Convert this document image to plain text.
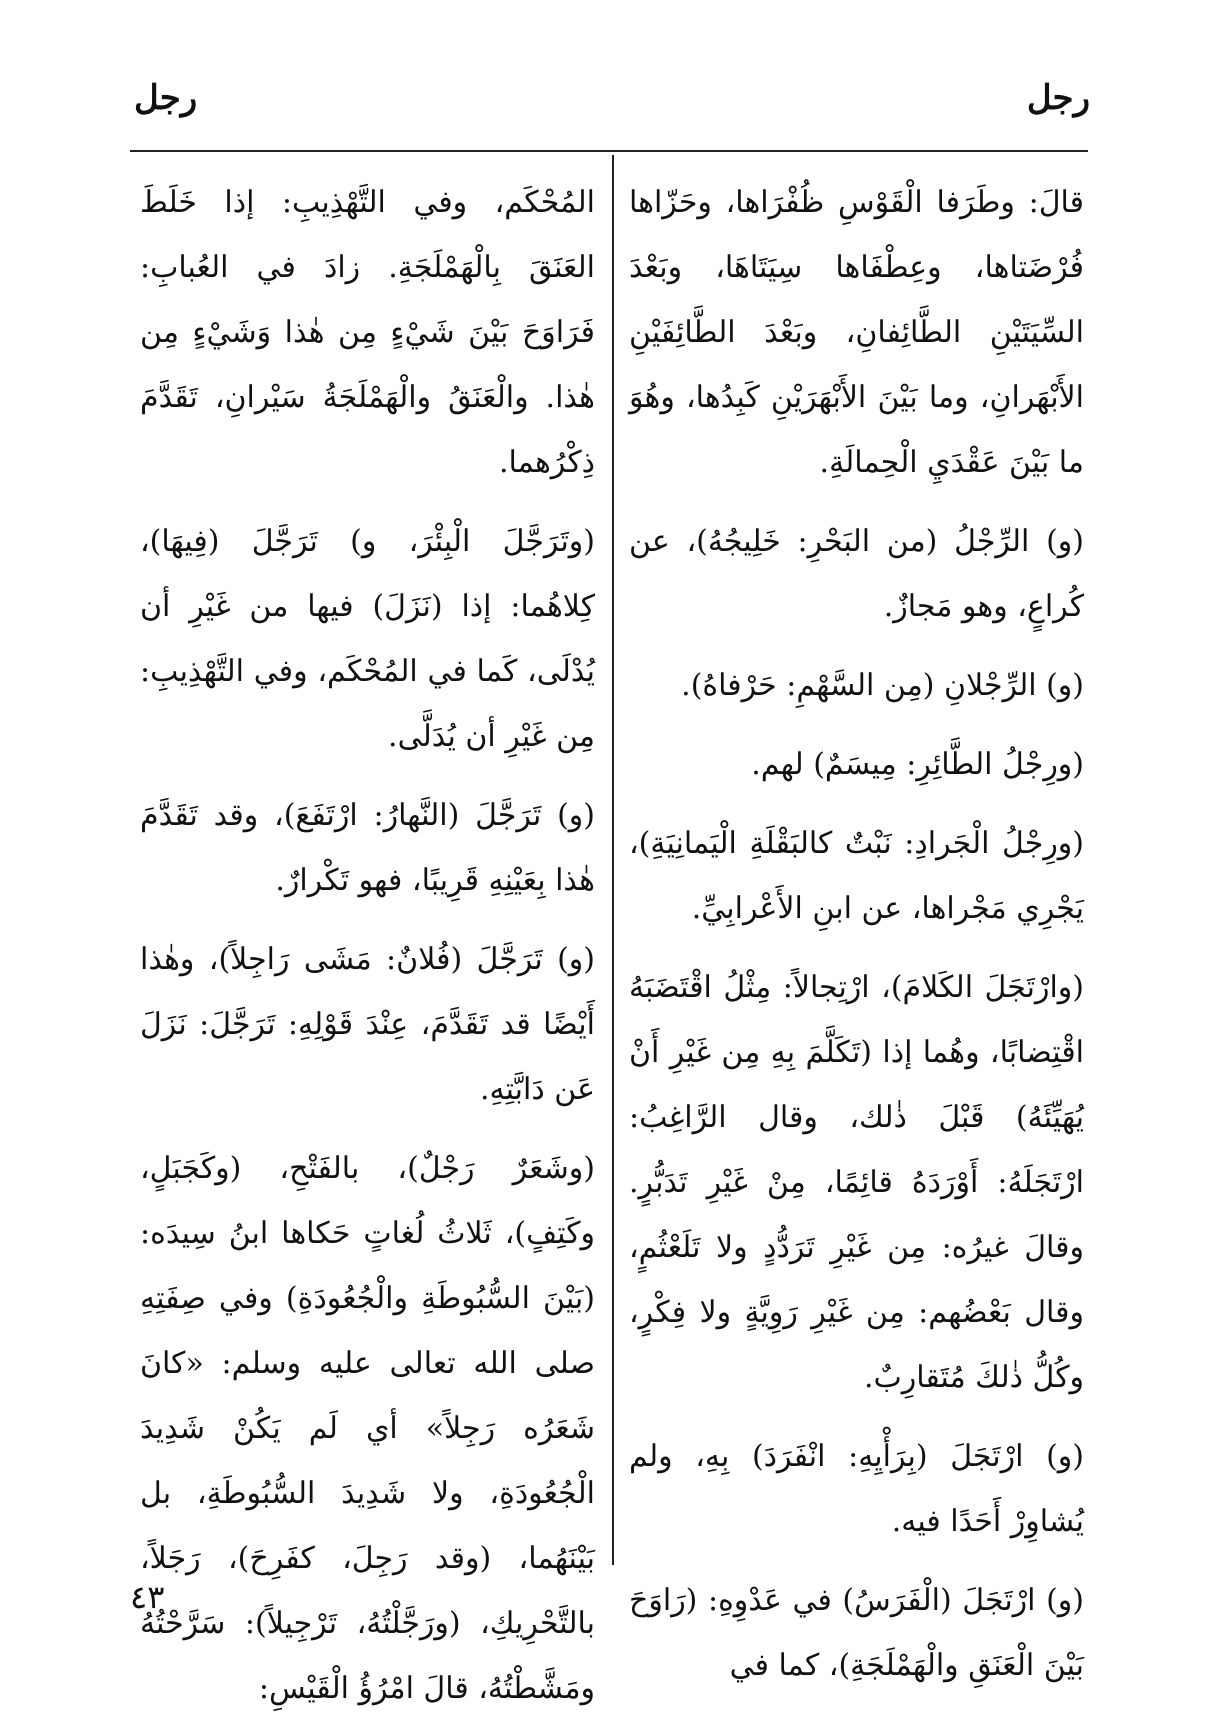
رجل
رجل

قالَ: وطَرَفا الْقَوْسِ ظُفْرَاها، وحَزّاها فُرْضَتاها، وعِطْفَاها سِيَتَاهَا، وبَعْدَ السِّيَتَيْنِ الطَّائِفانِ، وبَعْدَ الطَّائِفَيْنِ الأَبْهَرانِ، وما بَيْنَ الأَبْهَرَيْنِ كَبِدُها، وهُوَ ما بَيْنَ عَقْدَيِ الْحِمالَةِ.

(و) الرِّجْلُ (من البَحْرِ: خَلِيجُهُ)، عن كُراعٍ، وهو مَجازٌ.

(و) الرِّجْلانِ (مِن السَّهْمِ: حَرْفاهُ).

(ورِجْلُ الطَّائِرِ: مِيسَمٌ) لهم.

(ورِجْلُ الْجَرادِ: نَبْتٌ كالبَقْلَةِ الْيَمانِيَةِ)، يَجْرِي مَجْراها، عن ابنِ الأَعْرابِيِّ.

(وارْتَجَلَ الكَلامَ)، ارْتِجالاً: مِثْلُ اقْتَضَبَهُ اقْتِضابًا، وهُما إذا (تَكَلَّمَ بِهِ مِن غَيْرِ أَنْ يُهَيِّئَهُ) قَبْلَ ذٰلك، وقال الرَّاغِبُ: ارْتَجَلَهُ: أَوْرَدَهُ قائِمًا، مِنْ غَيْرِ تَدَبُّرٍ. وقالَ غيرُه: مِن غَيْرِ تَرَدُّدٍ ولا تَلَعْثُمٍ، وقال بَعْضُهم: مِن غَيْرِ رَوِيَّةٍ ولا فِكْرٍ، وكُلُّ ذٰلكَ مُتَقارِبٌ.

(و) ارْتَجَلَ (بِرَأْيِهِ: انْفَرَدَ) بِهِ، ولم يُشاوِرْ أَحَدًا فيه.

(و) ارْتَجَلَ (الْفَرَسُ) في عَدْوِهِ: (رَاوَحَ بَيْنَ الْعَنَقِ والْهَمْلَجَةِ)، كما في

المُحْكَم، وفي التَّهْذِيبِ: إذا خَلَطَ العَنَقَ بِالْهَمْلَجَةِ. زادَ في العُبابِ: فَرَاوَحَ بَيْنَ شَيْءٍ مِن هٰذا وَشَيْءٍ مِن هٰذا. والْعَنَقُ والْهَمْلَجَةُ سَيْرانِ، تَقَدَّمَ ذِكْرُهما.

(وتَرَجَّلَ الْبِئْرَ، و) تَرَجَّلَ (فِيهَا)، كِلاهُما: إذا (نَزَلَ) فيها من غَيْرِ أن يُدْلَى، كَما في المُحْكَم، وفي التَّهْذِيبِ: مِن غَيْرِ أن يُدَلَّى.

(و) تَرَجَّلَ (النَّهارُ: ارْتَفَعَ)، وقد تَقَدَّمَ هٰذا بِعَيْنِهِ قَرِيبًا، فهو تَكْرارٌ.

(و) تَرَجَّلَ (فُلانٌ: مَشَى رَاجِلاً)، وهٰذا أَيْضًا قد تَقَدَّمَ، عِنْدَ قَوْلِهِ: تَرَجَّلَ: نَزَلَ عَن دَابَّتِهِ.

(وشَعَرٌ رَجْلٌ)، بالفَتْحِ، (وكَجَبَلٍ، وكَتِفٍ)، ثَلاثُ لُغاتٍ حَكاها ابنُ سِيدَه: (بَيْنَ السُّبُوطَةِ والْجُعُودَةِ) وفي صِفَتِهِ صلى الله تعالى عليه وسلم: «كانَ شَعَرُه رَجِلاً» أي لَم يَكُنْ شَدِيدَ الْجُعُودَةِ، ولا شَدِيدَ السُّبُوطَةِ، بل بَيْنَهُما، (وقد رَجِلَ، كفَرِحَ)، رَجَلاً، بالتَّحْرِيكِ، (ورَجَّلْتُهُ، تَرْجِيلاً): سَرَّحْتُهُ ومَشَّطْتُهُ، قالَ امْرُؤُ الْقَيْسِ:

٤٣
